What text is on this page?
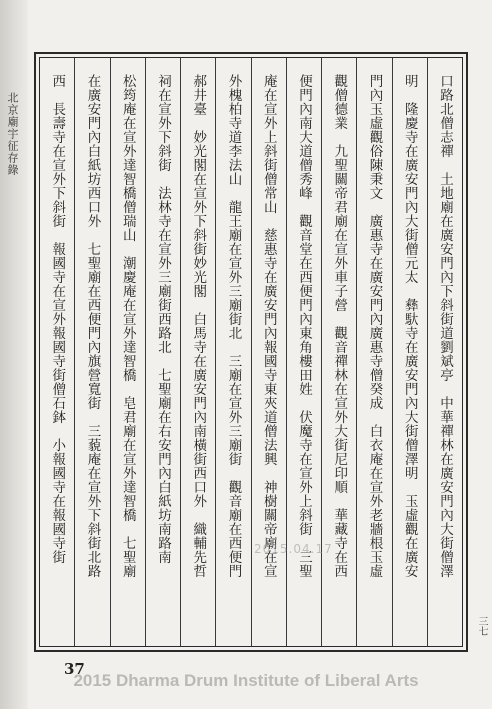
北京廟宇征存錄
三七
口路北僧志禪　土地廟在廣安門內下斜街道劉斌亭　中華禪林在廣安門內大街僧澤
明　隆慶寺在廣安門內大街僧元太　彝馱寺在廣安門內大街僧澤明　玉虛觀在廣安
門內玉虛觀俗陳秉文　廣惠寺在廣安門內廣惠寺僧癸成　白衣庵在宣外老牆根玉虛
觀僧德業　九聖關帝君廟在宣外車子營　觀音禪林在宣外大街尼印順　華藏寺在西
便門內南大道僧秀峰　觀音堂在西便門內東角樓田姓　伏魔寺在宣外上斜街　三聖
庵在宣外上斜街僧常山　慈惠寺在廣安門內報國寺東夾道僧法興　神樹關帝廟在宣
外槐柏寺道李法山　龍王廟在宣外三廟街北　三廟在宣外三廟街　觀音廟在西便門
郝井臺　妙光閣在宣外下斜街妙光閣　白馬寺在廣安門內南橫街西口外　織輔先哲
祠在宣外下斜街　法林寺在宣外三廟街西路北　七聖廟在右安門內白紙坊南路南
松筠庵在宣外達智橋僧瑞山　潮慶庵在宣外達智橋　皂君廟在宣外達智橋　七聖廟
在廣安門內白紙坊西口外　七聖廟在西便門內旗營寬街　三藐庵在宣外下斜街北路
西　長壽寺在宣外下斜街　報國寺在宣外報國寺街僧石鉢　小報國寺在報國寺街	2015.04.17
37
2015 Dharma Drum Institute of Liberal Arts
